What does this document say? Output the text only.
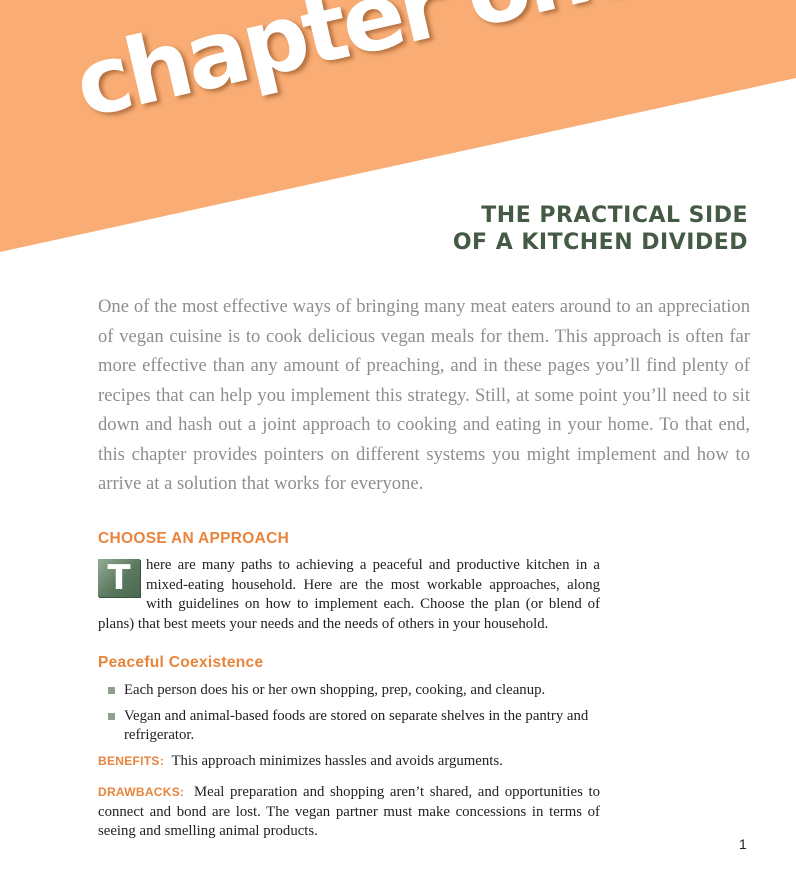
THE PRACTICAL SIDE
OF A KITCHEN DIVIDED

One of the most effective ways of bringing many meat eaters around to an appreciation of vegan cuisine is to cook delicious vegan meals for them. This approach is often far more effective than any amount of preaching, and in these pages you’ll find plenty of recipes that can help you implement this strategy. Still, at some point you’ll need to sit down and hash out a joint approach to cooking and eating in your home. To that end, this chapter provides pointers on different systems you might implement and how to arrive at a solution that works for everyone.

CHOOSE AN APPROACH
T	here are many paths to achieving a peaceful and productive kitchen in a mixed-eating household. Here are the most workable approaches, along with guidelines on how to implement each. Choose the plan (or blend of plans) that best meets your needs and the needs of others in your household.

Peaceful Coexistence
Each person does his or her own shopping, prep, cooking, and cleanup.
Vegan and animal-based foods are stored on separate shelves in the pantry and refrigerator.

BENEFITS: This approach minimizes hassles and avoids arguments.

DRAWBACKS: Meal preparation and shopping aren’t shared, and opportunities to connect and bond are lost. The vegan partner must make concessions in terms of seeing and smelling animal products.

1
